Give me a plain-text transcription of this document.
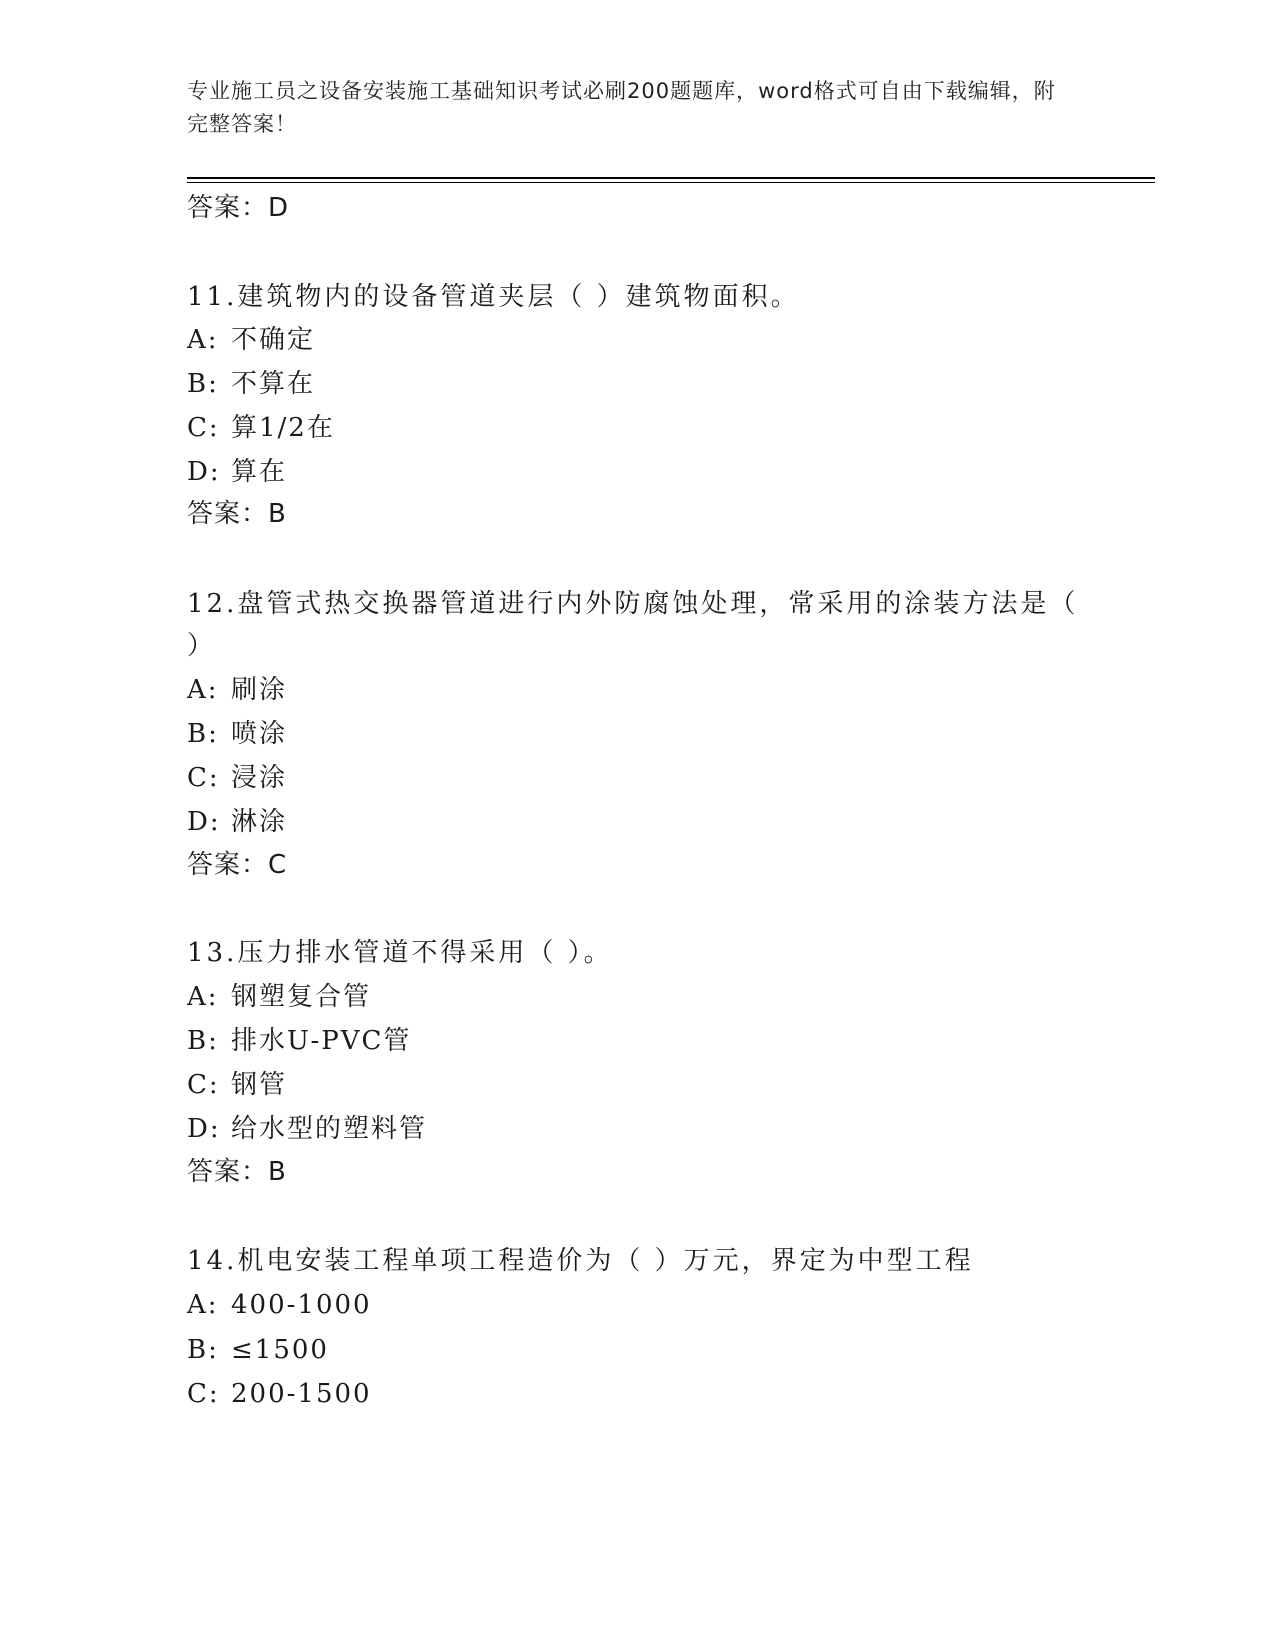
专业施工员之设备安装施工基础知识考试必刷200题题库，word格式可自由下载编辑，附完整答案！
答案：D
11.建筑物内的设备管道夹层（ ）建筑物面积。
A: 不确定
B: 不算在
C: 算1/2在
D: 算在
答案：B
12.盘管式热交换器管道进行内外防腐蚀处理，常采用的涂装方法是（
）
A: 刷涂
B: 喷涂
C: 浸涂
D: 淋涂
答案：C
13.压力排水管道不得采用（ ）。
A: 钢塑复合管
B: 排水U-PVC管
C: 钢管
D: 给水型的塑料管
答案：B
14.机电安装工程单项工程造价为（ ）万元，界定为中型工程
A: 400-1000
B: ≤1500
C: 200-1500
